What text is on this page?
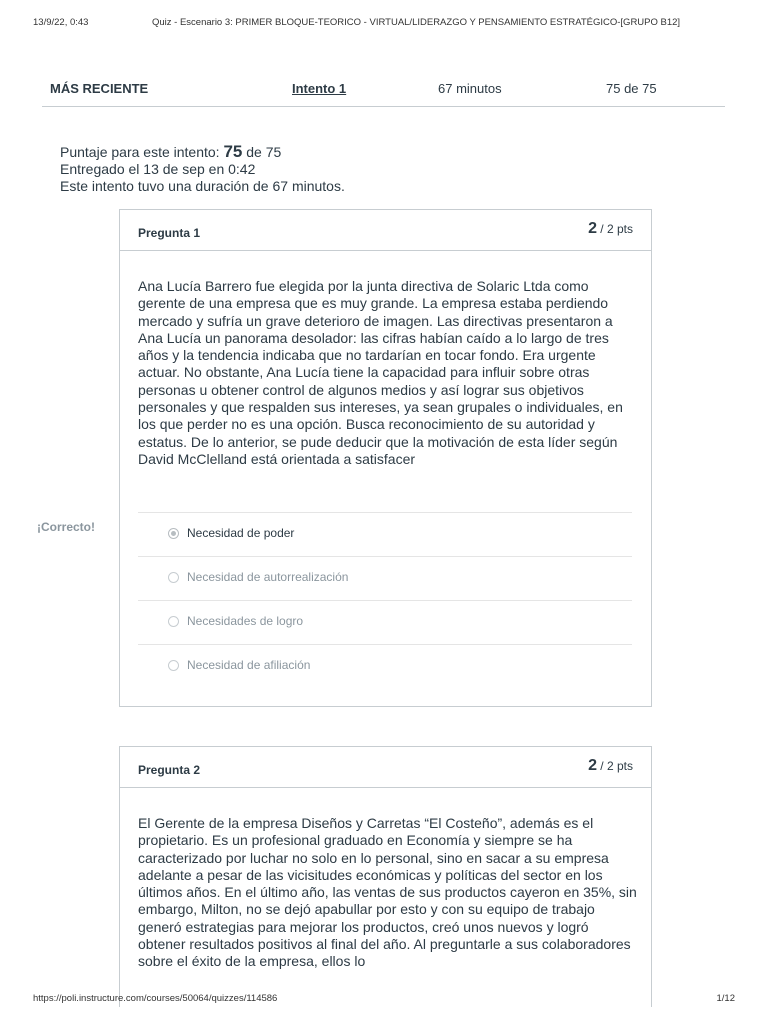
13/9/22, 0:43	Quiz - Escenario 3: PRIMER BLOQUE-TEORICO - VIRTUAL/LIDERAZGO Y PENSAMIENTO ESTRATÉGICO-[GRUPO B12]
MÁS RECIENTE	Intento 1	67 minutos	75 de 75
Puntaje para este intento: 75 de 75
Entregado el 13 de sep en 0:42
Este intento tuvo una duración de 67 minutos.
¡Correcto!
Pregunta 1	2 / 2 pts
Ana Lucía Barrero fue elegida por la junta directiva de Solaric Ltda como gerente de una empresa que es muy grande. La empresa estaba perdiendo mercado y sufría un grave deterioro de imagen. Las directivas presentaron a Ana Lucía un panorama desolador: las cifras habían caído a lo largo de tres años y la tendencia indicaba que no tardarían en tocar fondo. Era urgente actuar. No obstante, Ana Lucía tiene la capacidad para influir sobre otras personas u obtener control de algunos medios y así lograr sus objetivos personales y que respalden sus intereses, ya sean grupales o individuales, en los que perder no es una opción. Busca reconocimiento de su autoridad y estatus. De lo anterior, se pude deducir que la motivación de esta líder según David McClelland está orientada a satisfacer
Necesidad de poder
Necesidad de autorrealización
Necesidades de logro
Necesidad de afiliación
Pregunta 2	2 / 2 pts
El Gerente de la empresa Diseños y Carretas “El Costeño”, además es el propietario. Es un profesional graduado en Economía y siempre se ha caracterizado por luchar no solo en lo personal, sino en sacar a su empresa adelante a pesar de las vicisitudes económicas y políticas del sector en los últimos años. En el último año, las ventas de sus productos cayeron en 35%, sin embargo, Milton, no se dejó apabullar por esto y con su equipo de trabajo generó estrategias para mejorar los productos, creó unos nuevos y logró obtener resultados positivos al final del año. Al preguntarle a sus colaboradores sobre el éxito de la empresa, ellos lo
https://poli.instructure.com/courses/50064/quizzes/114586	1/12
